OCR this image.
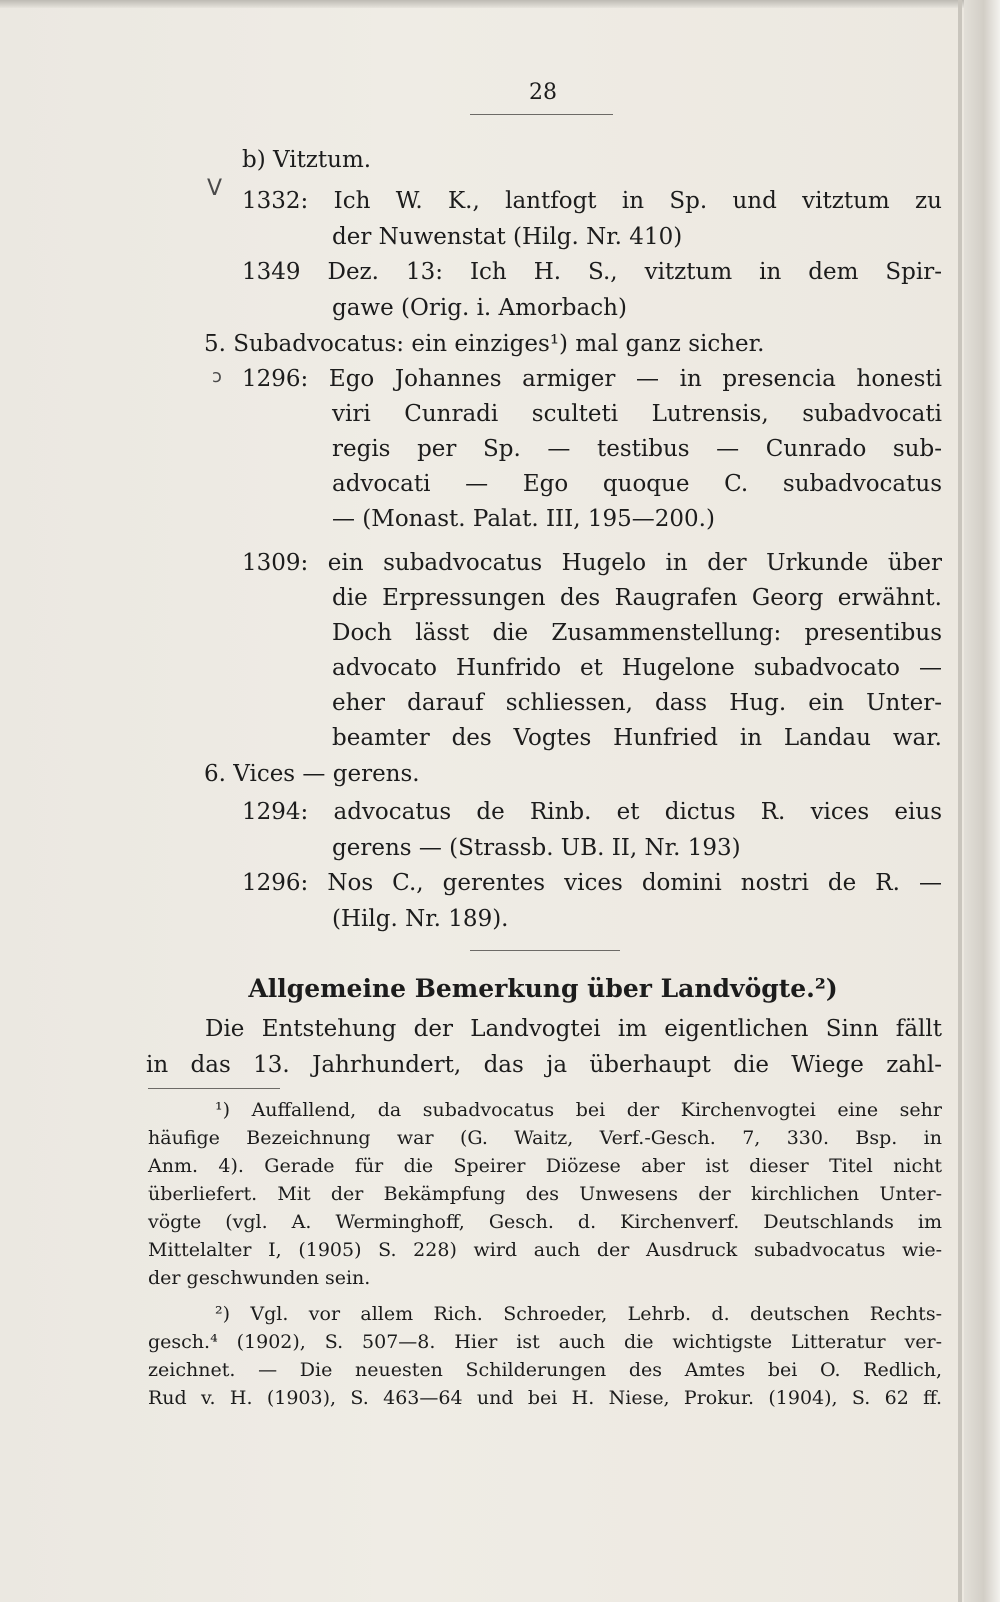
28
V
ↄ
b) Vitztum.
1332: Ich W. K., lantfogt in Sp. und vitztum zu
der Nuwenstat (Hilg. Nr. 410)
1349 Dez. 13: Ich H. S., vitztum in dem Spir-
gawe (Orig. i. Amorbach)
5. Subadvocatus: ein einziges¹) mal ganz sicher.
1296: Ego Johannes armiger — in presencia honesti
viri Cunradi sculteti Lutrensis, subadvocati
regis per Sp. — testibus — Cunrado sub-
advocati — Ego quoque C. subadvocatus
— (Monast. Palat. III, 195—200.)
1309: ein subadvocatus Hugelo in der Urkunde über
die Erpressungen des Raugrafen Georg erwähnt.
Doch lässt die Zusammenstellung: presentibus
advocato Hunfrido et Hugelone subadvocato —
eher darauf schliessen, dass Hug. ein Unter-
beamter des Vogtes Hunfried in Landau war.
6. Vices — gerens.
1294: advocatus de Rinb. et dictus R. vices eius
gerens — (Strassb. UB. II, Nr. 193)
1296: Nos C., gerentes vices domini nostri de R. —
(Hilg. Nr. 189).
Allgemeine Bemerkung über Landvögte.²)
Die Entstehung der Landvogtei im eigentlichen Sinn fällt
in das 13. Jahrhundert, das ja überhaupt die Wiege zahl-
¹) Auffallend, da subadvocatus bei der Kirchenvogtei eine sehr
häufige Bezeichnung war (G. Waitz, Verf.-Gesch. 7, 330. Bsp. in
Anm. 4). Gerade für die Speirer Diözese aber ist dieser Titel nicht
überliefert. Mit der Bekämpfung des Unwesens der kirchlichen Unter-
vögte (vgl. A. Werminghoff, Gesch. d. Kirchenverf. Deutschlands im
Mittelalter I, (1905) S. 228) wird auch der Ausdruck subadvocatus wie-
der geschwunden sein.
²) Vgl. vor allem Rich. Schroeder, Lehrb. d. deutschen Rechts-
gesch.⁴ (1902), S. 507—8. Hier ist auch die wichtigste Litteratur ver-
zeichnet. — Die neuesten Schilderungen des Amtes bei O. Redlich,
Rud v. H. (1903), S. 463—64 und bei H. Niese, Prokur. (1904), S. 62 ff.
